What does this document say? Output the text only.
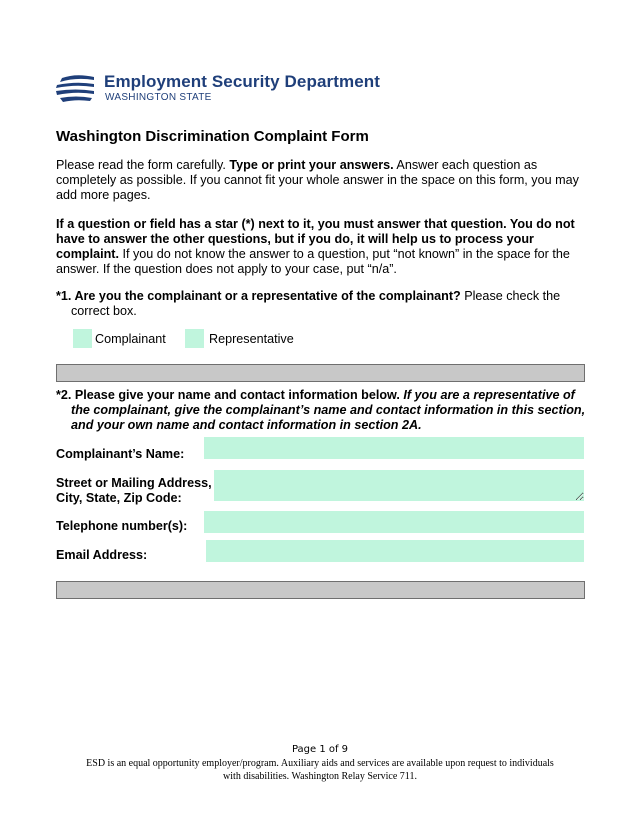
Employment Security Department
WASHINGTON STATE
Washington Discrimination Complaint Form
Please read the form carefully. Type or print your answers. Answer each question as completely as possible. If you cannot fit your whole answer in the space on this form, you may add more pages.
If a question or field has a star (*) next to it, you must answer that question. You do not have to answer the other questions, but if you do, it will help us to process your complaint. If you do not know the answer to a question, put “not known” in the space for the answer. If the question does not apply to your case, put “n/a”.
*1. Are you the complainant or a representative of the complainant? Please check the
correct box.
Complainant	Representative
*2. Please give your name and contact information below. If you are a representative of
the complainant, give the complainant’s name and contact information in this section, and your own name and contact information in section 2A.
Complainant’s Name:
Street or Mailing Address,
City, State, Zip Code:
Telephone number(s):
Email Address:
Page 1 of 9
ESD is an equal opportunity employer/program. Auxiliary aids and services are available upon request to individuals
with disabilities. Washington Relay Service 711.
